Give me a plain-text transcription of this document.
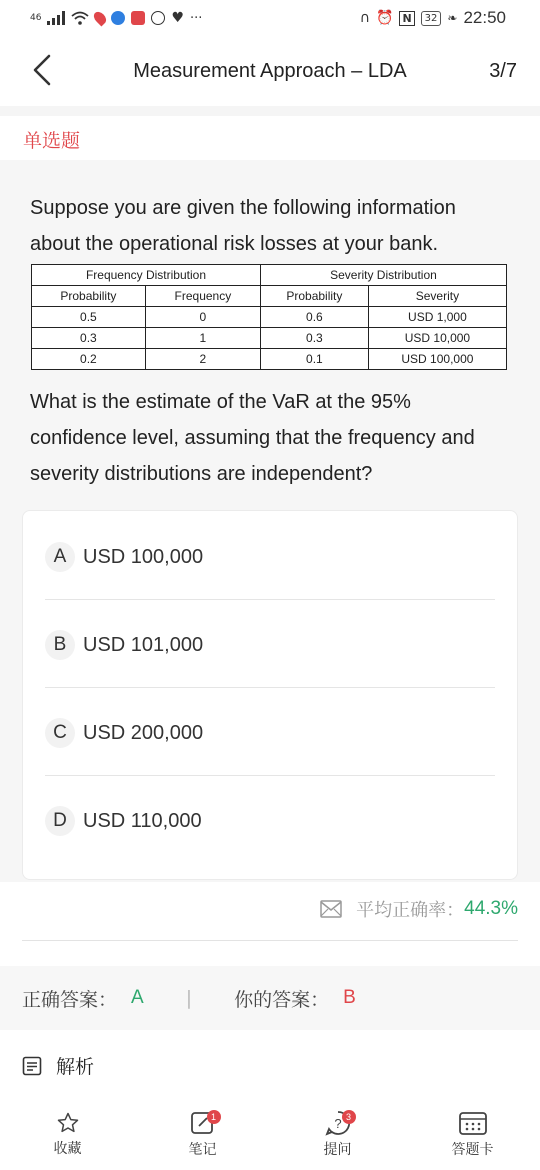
46	♥ ···	∩ ⏰ N	32 ❧ 22:50
Measurement Approach – LDA	3/7
单选题
Suppose you are given the following information about the operational risk losses at your bank.
Frequency Distribution		Severity Distribution	
Probability	Frequency	Probability	Severity
0.5	0	0.6	USD 1,000
0.3	1	0.3	USD 10,000
0.2	2	0.1	USD 100,000
What is the estimate of the VaR at the 95% confidence level, assuming that the frequency and severity distributions are independent?
A USD 100,000
B USD 101,000
C USD 200,000
D USD 110,000
平均正确率： 44.3%
正确答案： A | 你的答案： B
解析
收藏
1
笔记
? 3
提问	答题卡
